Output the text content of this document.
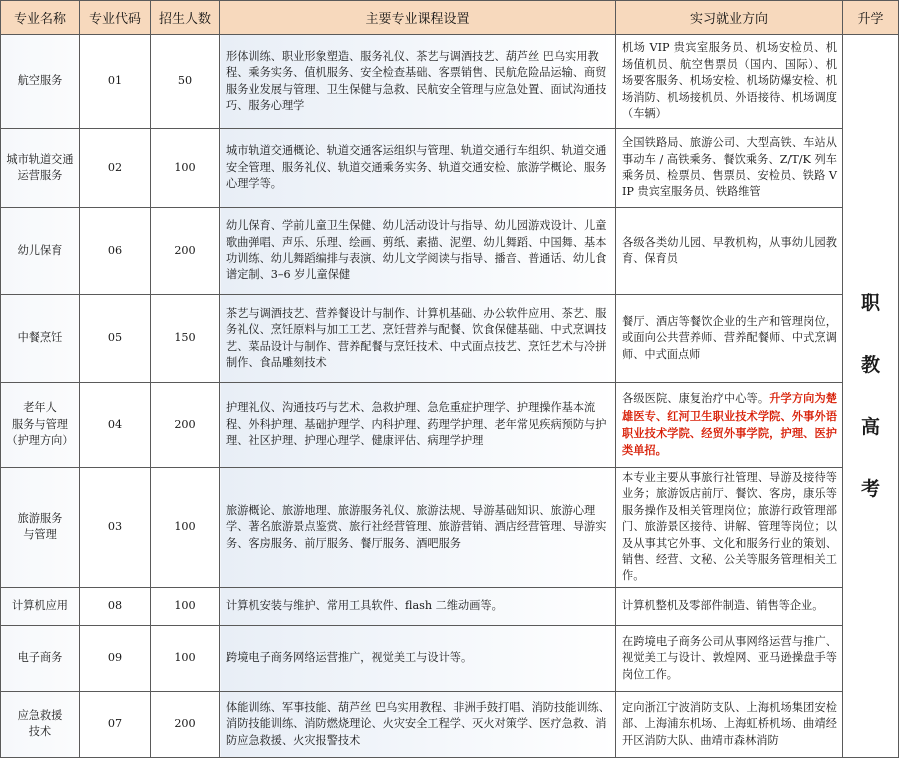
专业名称	专业代码	招生人数	主要专业课程设置	实习就业方向	升学
航空服务	01	50	形体训练、职业形象塑造、服务礼仪、茶艺与调酒技艺、葫芦丝 巴乌实用教程、乘务实务、值机服务、安全检查基础、客票销售、民航危险品运输、商贸服务业发展与管理、卫生保健与急救、民航安全管理与应急处置、面试沟通技巧、服务心理学	机场 VIP 贵宾室服务员、机场安检员、机场值机员、航空售票员（国内、国际）、机场要客服务、机场安检、机场防爆安检、机场消防、机场接机员、外语接待、机场调度（车辆）	职
教
高
考

城市轨道交通
运营服务	02	100	城市轨道交通概论、轨道交通客运组织与管理、轨道交通行车组织、轨道交通安全管理、服务礼仪、轨道交通乘务实务、轨道交通安检、旅游学概论、服务心理学等。	全国铁路局、旅游公司、大型高铁、车站从事动车 / 高铁乘务、餐饮乘务、Z/T/K 列车乘务员、检票员、售票员、安检员、铁路 VIP 贵宾室服务员、铁路维管	
幼儿保育	06	200	幼儿保育、学前儿童卫生保健、幼儿活动设计与指导、幼儿园游戏设计、儿童歌曲弹唱、声乐、乐理、绘画、剪纸、素描、泥塑、幼儿舞蹈、中国舞、基本功训练、幼儿舞蹈编排与表演、幼儿文学阅读与指导、播音、普通话、幼儿食谱定制、3–6 岁儿童保健	各级各类幼儿园、早教机构，从事幼儿园教育、保育员	
中餐烹饪	05	150	茶艺与调酒技艺、营养餐设计与制作、计算机基础、办公软件应用、茶艺、服务礼仪、烹饪原料与加工工艺、烹饪营养与配餐、饮食保健基础、中式烹调技艺、菜品设计与制作、营养配餐与烹饪技术、中式面点技艺、烹饪艺术与冷拼制作、食品雕刻技术	餐厅、酒店等餐饮企业的生产和管理岗位，或面向公共营养师、营养配餐师、中式烹调师、中式面点师	
老年人
服务与管理
（护理方向）	04	200	护理礼仪、沟通技巧与艺术、急救护理、急危重症护理学、护理操作基本流程、外科护理、基础护理学、内科护理、药理学护理、老年常见疾病预防与护理、社区护理、护理心理学、健康评估、病理学护理	各级医院、康复治疗中心等。升学方向为楚雄医专、红河卫生职业技术学院、外事外语职业技术学院、经贸外事学院，护理、医护类单招。	
旅游服务
与管理	03	100	旅游概论、旅游地理、旅游服务礼仪、旅游法规、导游基础知识、旅游心理学、著名旅游景点鉴赏、旅行社经营管理、旅游营销、酒店经营管理、导游实务、客房服务、前厅服务、餐厅服务、酒吧服务	本专业主要从事旅行社管理、导游及接待等业务；旅游饭店前厅、餐饮、客房，康乐等服务操作及相关管理岗位；旅游行政管理部门、旅游景区接待、讲解、管理等岗位；以及从事其它外事、文化和服务行业的策划、销售、经营、文秘、公关等服务管理相关工作。	
计算机应用	08	100	计算机安装与维护、常用工具软件、flash 二维动画等。	计算机整机及零部件制造、销售等企业。	
电子商务	09	100	跨境电子商务网络运营推广，视觉美工与设计等。	在跨境电子商务公司从事网络运营与推广、视觉美工与设计、敦煌网、亚马逊操盘手等岗位工作。	
应急救援
技术	07	200	体能训练、军事技能、葫芦丝 巴乌实用教程、非洲手鼓打唱、消防技能训练、消防技能训练、消防燃烧理论、火灾安全工程学、灭火对策学、医疗急救、消防应急救援、火灾报警技术	定向浙江宁波消防支队、上海机场集团安检部、上海浦东机场、上海虹桥机场、曲靖经开区消防大队、曲靖市森林消防	
